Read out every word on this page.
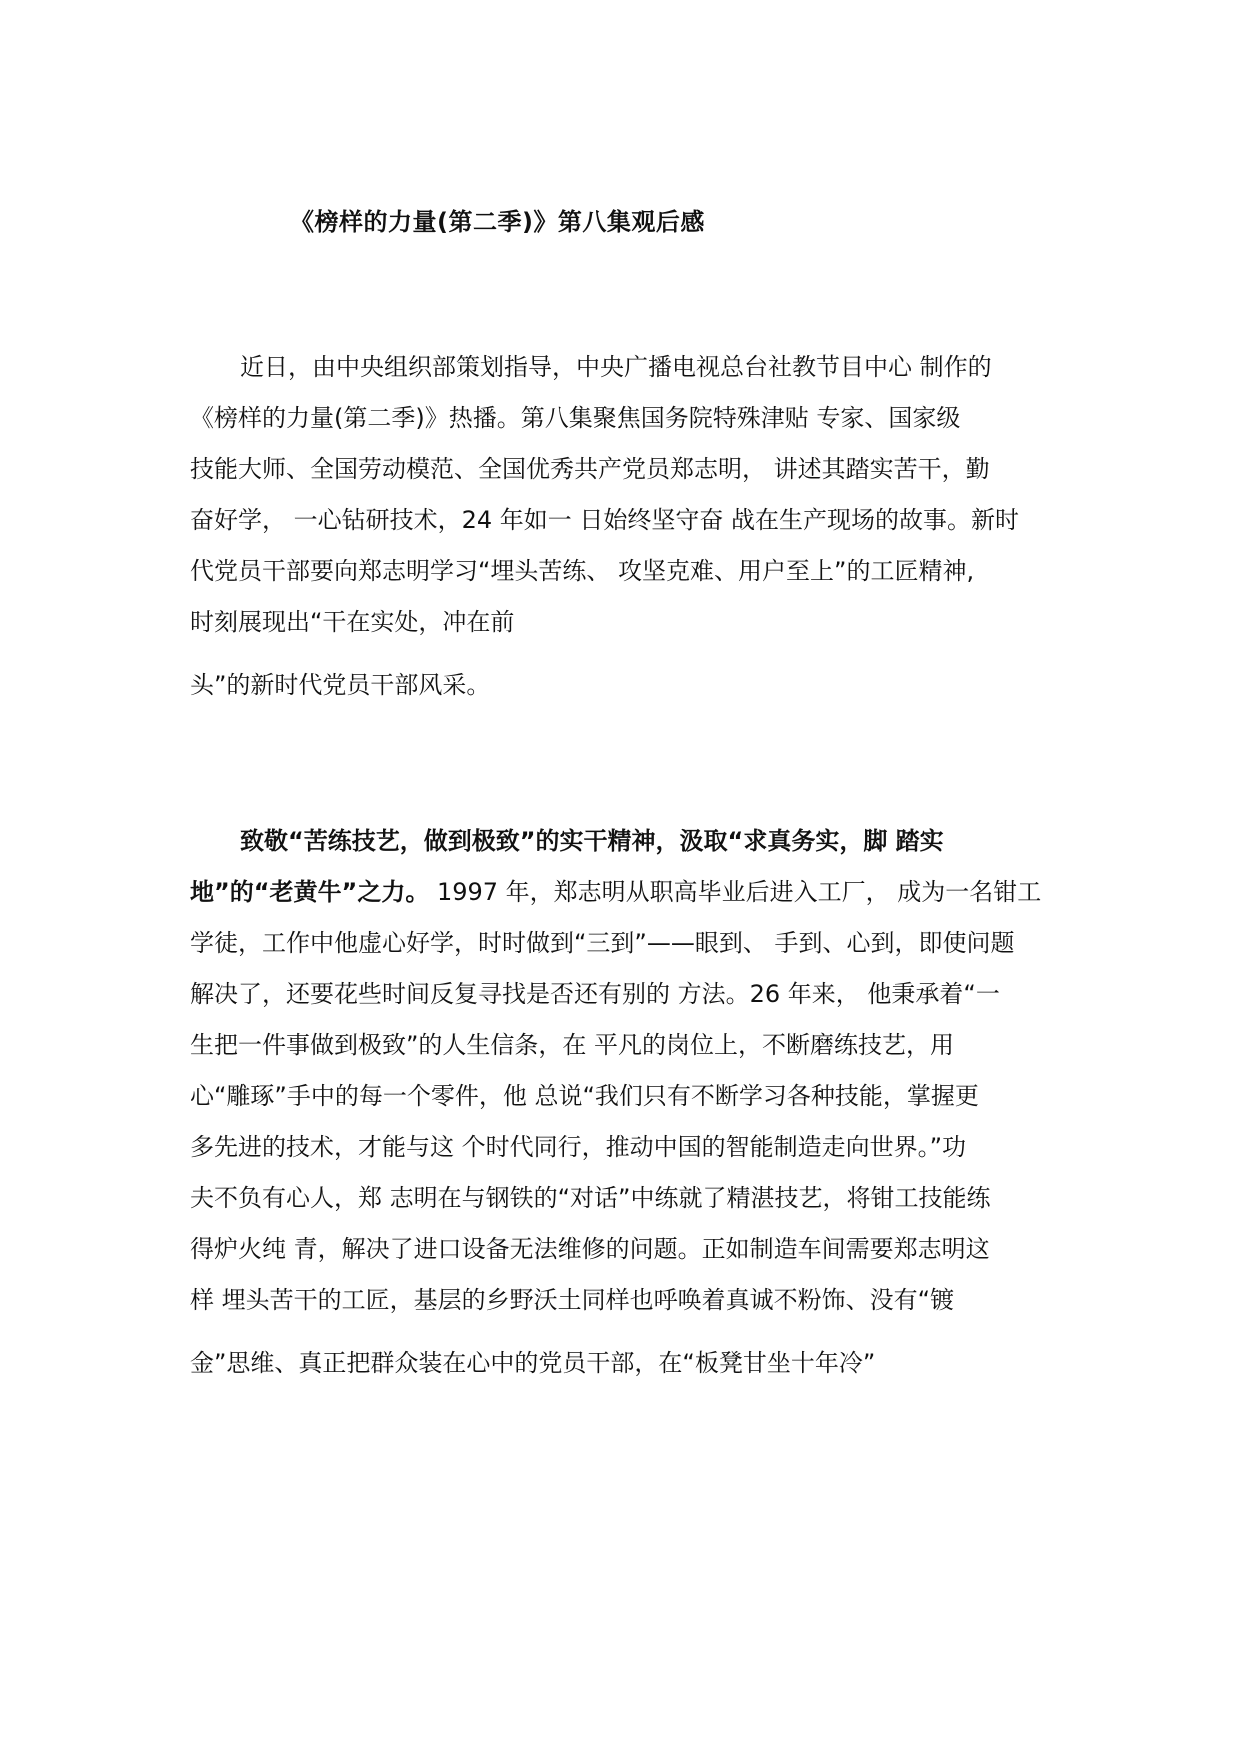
《榜样的力量(第二季)》第八集观后感
近日，由中央组织部策划指导，中央广播电视总台社教节目中心 制作的
《榜样的力量(第二季)》热播。第八集聚焦国务院特殊津贴 专家、国家级
技能大师、全国劳动模范、全国优秀共产党员郑志明， 讲述其踏实苦干，勤
奋好学， 一心钻研技术，24 年如一 日始终坚守奋 战在生产现场的故事。新时
代党员干部要向郑志明学习“埋头苦练、 攻坚克难、用户至上”的工匠精神,
时刻展现出“干在实处，冲在前
头”的新时代党员干部风采。
致敬“苦练技艺，做到极致”的实干精神，汲取“求真务实，脚 踏实
地”的“老黄牛”之力。 1997 年，郑志明从职高毕业后进入工厂， 成为一名钳工
学徒，工作中他虚心好学，时时做到“三到”——眼到、 手到、心到，即使问题
解决了，还要花些时间反复寻找是否还有别的 方法。26 年来， 他秉承着“一
生把一件事做到极致”的人生信条，在 平凡的岗位上，不断磨练技艺，用
心“雕琢”手中的每一个零件，他 总说“我们只有不断学习各种技能，掌握更
多先进的技术，才能与这 个时代同行，推动中国的智能制造走向世界。”功
夫不负有心人，郑 志明在与钢铁的“对话”中练就了精湛技艺，将钳工技能练
得炉火纯 青，解决了进口设备无法维修的问题。正如制造车间需要郑志明这
样 埋头苦干的工匠，基层的乡野沃土同样也呼唤着真诚不粉饰、没有“镀
金”思维、真正把群众装在心中的党员干部，在“板凳甘坐十年冷”
